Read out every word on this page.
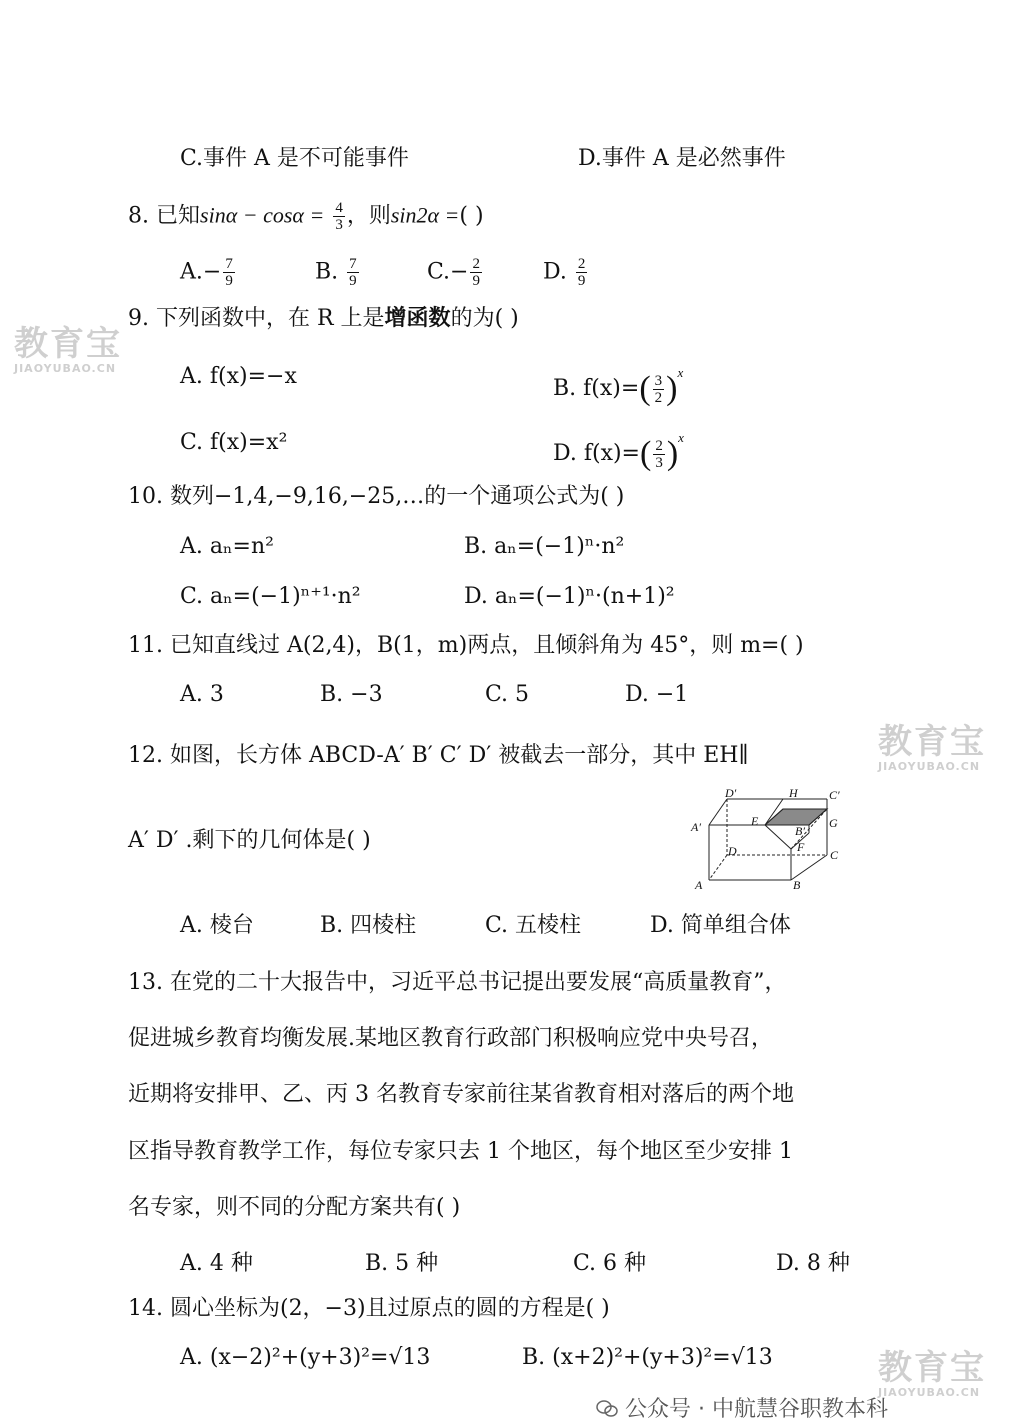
C.事件 A 是不可能事件	D.事件 A 是必然事件
8. 已知$\sin\alpha - \cos\alpha = \frac{4}{3}$ ，则sin2α =( )
$A.- \frac{7}{9}$	B. $\frac{7}{9}$	$C.- \frac{2}{9}$	D. $\frac{2}{9}$
9. 下列函数中，在 R 上是增函数的为( )
A. f(x)=−x	B. $f(x)=( \frac{3}{2} )^x$
C. f(x)=x²	D. $f(x)=( \frac{2}{3} )^x$
10. 数列−1,4,−9,16,−25,…的一个通项公式为( )
A. aₙ=n²	B. aₙ=(−1)ⁿ·n²
C. aₙ=(−1)ⁿ⁺¹·n²	D. aₙ=(−1)ⁿ·(n+1)²
11. 已知直线过 A(2,4)，B(1，m)两点，且倾斜角为 45°，则 m=( )
A. 3	B. −3	C. 5	D. −1
12. 如图，长方体 ABCD-A′ B′ C′ D′ 被截去一部分，其中 EH∥
A′ D′ .剩下的几何体是( )
D′	H	C′
A′	E
B′
G
D	F
C
A	B
A. 棱台	B. 四棱柱	C. 五棱柱	D. 简单组合体
13. 在党的二十大报告中，习近平总书记提出要发展“高质量教育”，
促进城乡教育均衡发展.某地区教育行政部门积极响应党中央号召，
近期将安排甲、乙、丙 3 名教育专家前往某省教育相对落后的两个地
区指导教育教学工作，每位专家只去 1 个地区，每个地区至少安排 1
名专家，则不同的分配方案共有( )
A. 4 种	B. 5 种	C. 6 种	D. 8 种
14. 圆心坐标为(2，−3)且过原点的圆的方程是( )
A. (x−2)²+(y+3)²=√13	B. (x+2)²+(y+3)²=√13
教育宝
JIAOYUBAO.CN
教育宝
JIAOYUBAO.CN
教育宝
JIAOYUBAO.CN
公众号 · 中航慧谷职教本科
